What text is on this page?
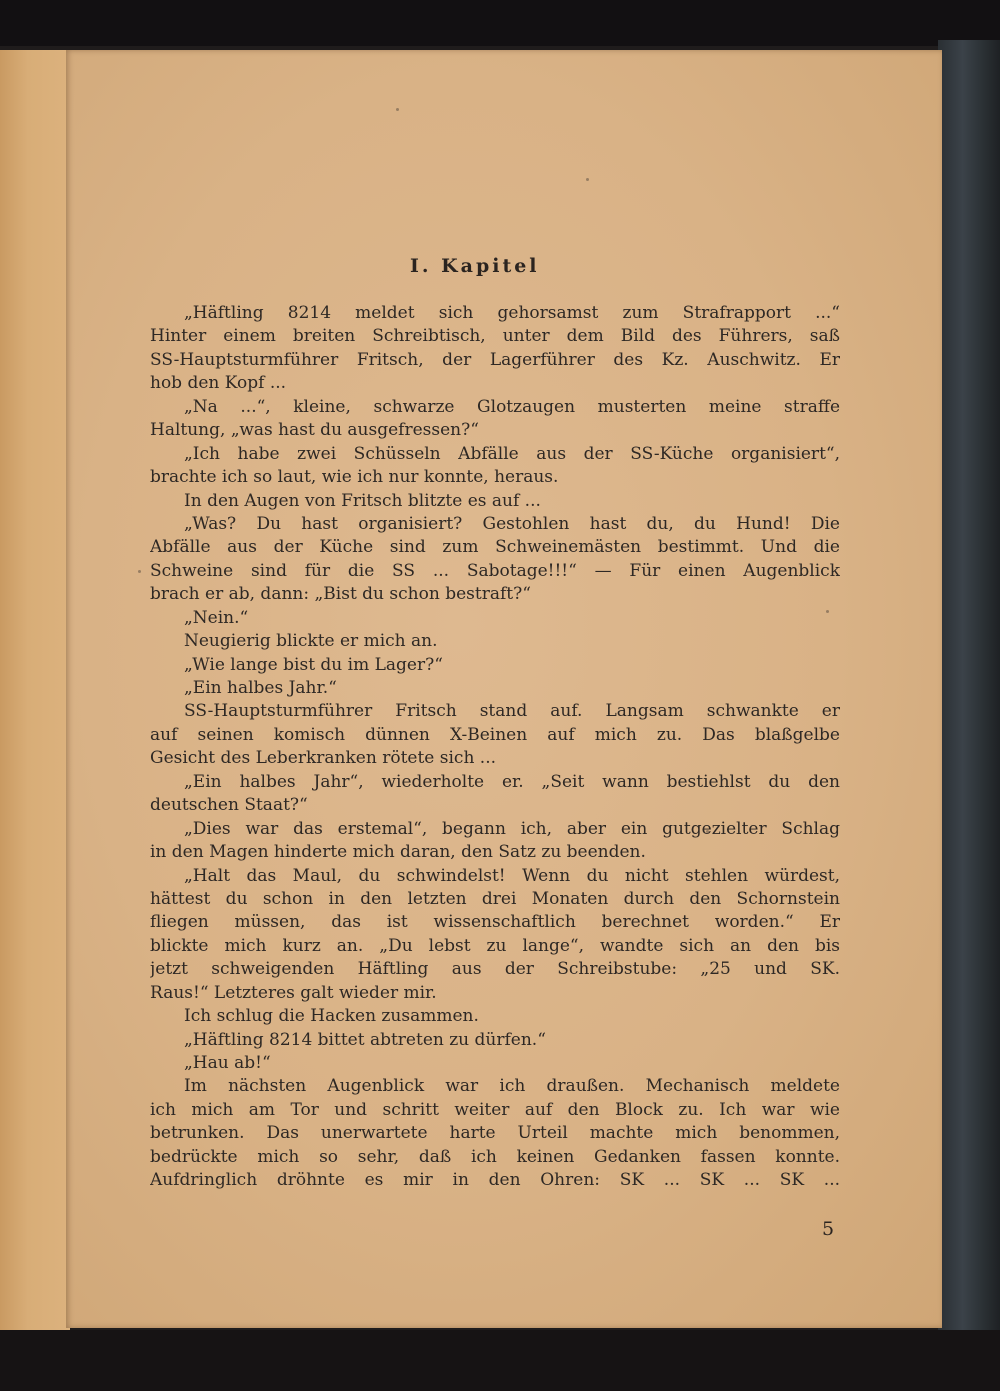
I. Kapitel
„Häftling 8214 meldet sich gehorsamst zum Strafrapport ...“
Hinter einem breiten Schreibtisch, unter dem Bild des Führers, saß
SS-Hauptsturmführer Fritsch, der Lagerführer des Kz. Auschwitz. Er
hob den Kopf ...
„Na ...“, kleine, schwarze Glotzaugen musterten meine straffe
Haltung, „was hast du ausgefressen?“
„Ich habe zwei Schüsseln Abfälle aus der SS-Küche organisiert“,
brachte ich so laut, wie ich nur konnte, heraus.
In den Augen von Fritsch blitzte es auf ...
„Was? Du hast organisiert? Gestohlen hast du, du Hund! Die
Abfälle aus der Küche sind zum Schweinemästen bestimmt. Und die
Schweine sind für die SS ... Sabotage!!!“ — Für einen Augenblick
brach er ab, dann: „Bist du schon bestraft?“
„Nein.“
Neugierig blickte er mich an.
„Wie lange bist du im Lager?“
„Ein halbes Jahr.“
SS-Hauptsturmführer Fritsch stand auf. Langsam schwankte er
auf seinen komisch dünnen X-Beinen auf mich zu. Das blaßgelbe
Gesicht des Leberkranken rötete sich ...
„Ein halbes Jahr“, wiederholte er. „Seit wann bestiehlst du den
deutschen Staat?“
„Dies war das erstemal“, begann ich, aber ein gutgezielter Schlag
in den Magen hinderte mich daran, den Satz zu beenden.
„Halt das Maul, du schwindelst! Wenn du nicht stehlen würdest,
hättest du schon in den letzten drei Monaten durch den Schornstein
fliegen müssen, das ist wissenschaftlich berechnet worden.“ Er
blickte mich kurz an. „Du lebst zu lange“, wandte sich an den bis
jetzt schweigenden Häftling aus der Schreibstube: „25 und SK.
Raus!“ Letzteres galt wieder mir.
Ich schlug die Hacken zusammen.
„Häftling 8214 bittet abtreten zu dürfen.“
„Hau ab!“
Im nächsten Augenblick war ich draußen. Mechanisch meldete
ich mich am Tor und schritt weiter auf den Block zu. Ich war wie
betrunken. Das unerwartete harte Urteil machte mich benommen,
bedrückte mich so sehr, daß ich keinen Gedanken fassen konnte.
Aufdringlich dröhnte es mir in den Ohren: SK ... SK ... SK ...
5
